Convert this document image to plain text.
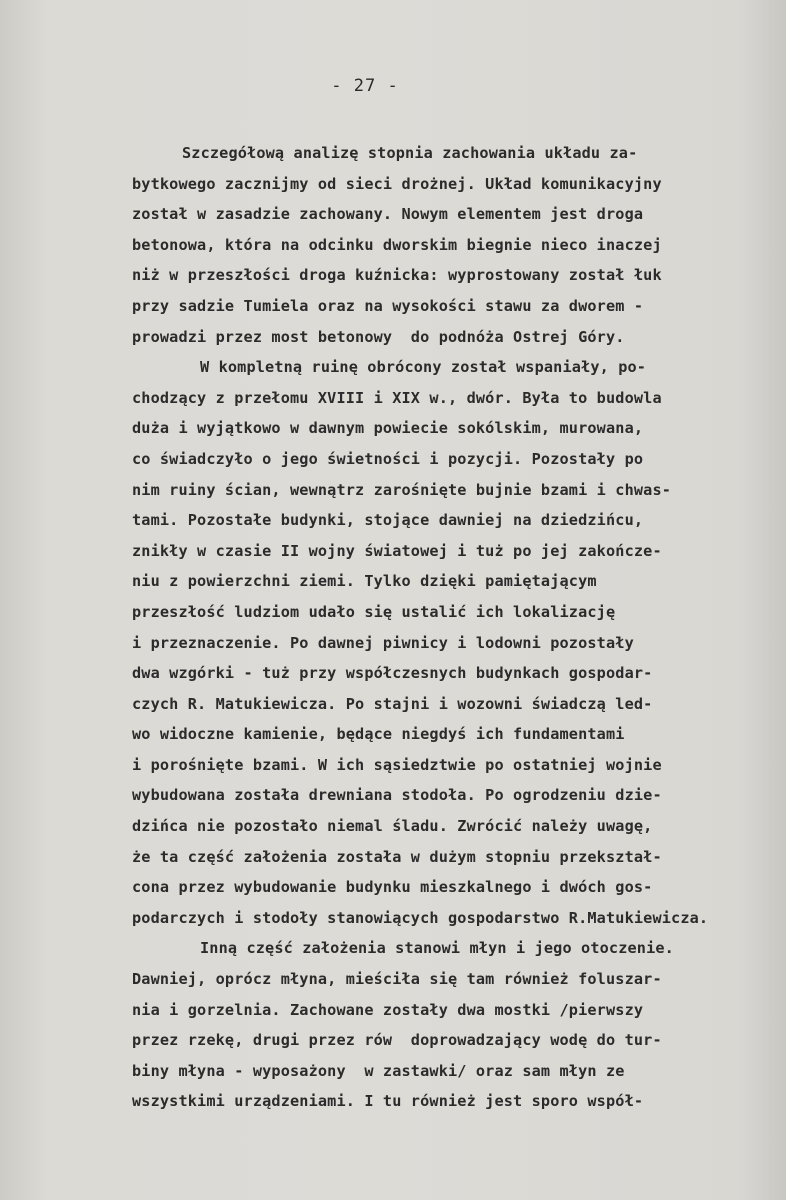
- 27 -
Szczegółową analizę stopnia zachowania układu za-
bytkowego zacznijmy od sieci drożnej. Układ komunikacyjny
został w zasadzie zachowany. Nowym elementem jest droga
betonowa, która na odcinku dworskim biegnie nieco inaczej
niż w przeszłości droga kuźnicka: wyprostowany został łuk
przy sadzie Tumiela oraz na wysokości stawu za dworem -
prowadzi przez most betonowy  do podnóża Ostrej Góry.
W kompletną ruinę obrócony został wspaniały, po-
chodzący z przełomu XVIII i XIX w., dwór. Była to budowla
duża i wyjątkowo w dawnym powiecie sokólskim, murowana,
co świadczyło o jego świetności i pozycji. Pozostały po
nim ruiny ścian, wewnątrz zarośnięte bujnie bzami i chwas-
tami. Pozostałe budynki, stojące dawniej na dziedzińcu,
znikły w czasie II wojny światowej i tuż po jej zakończe-
niu z powierzchni ziemi. Tylko dzięki pamiętającym
przeszłość ludziom udało się ustalić ich lokalizację
i przeznaczenie. Po dawnej piwnicy i lodowni pozostały
dwa wzgórki - tuż przy współczesnych budynkach gospodar-
czych R. Matukiewicza. Po stajni i wozowni świadczą led-
wo widoczne kamienie, będące niegdyś ich fundamentami
i porośnięte bzami. W ich sąsiedztwie po ostatniej wojnie
wybudowana została drewniana stodoła. Po ogrodzeniu dzie-
dzińca nie pozostało niemal śladu. Zwrócić należy uwagę,
że ta część założenia została w dużym stopniu przekształ-
cona przez wybudowanie budynku mieszkalnego i dwóch gos-
podarczych i stodoły stanowiących gospodarstwo R.Matukiewicza.
Inną część założenia stanowi młyn i jego otoczenie.
Dawniej, oprócz młyna, mieściła się tam również foluszar-
nia i gorzelnia. Zachowane zostały dwa mostki /pierwszy
przez rzekę, drugi przez rów  doprowadzający wodę do tur-
biny młyna - wyposażony  w zastawki/ oraz sam młyn ze
wszystkimi urządzeniami. I tu również jest sporo współ-
